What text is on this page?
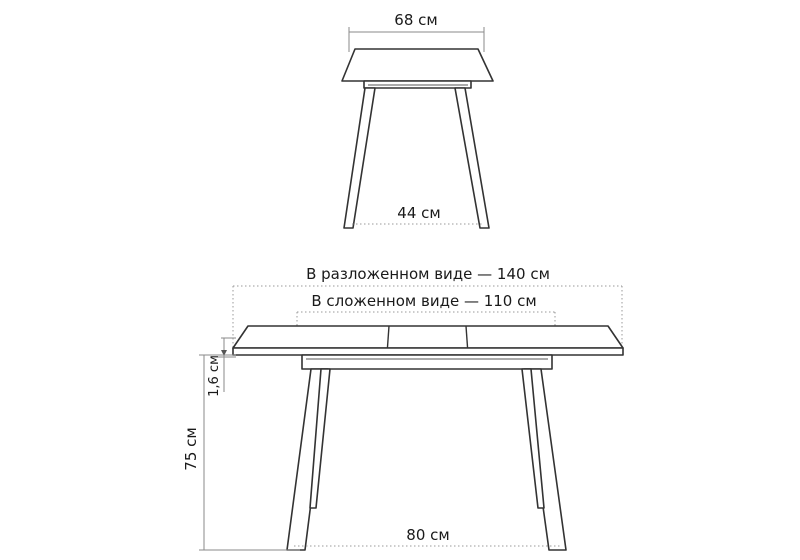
68 см
44 см
В разложенном виде — 140 см
В сложенном виде — 110 см
80 см
1,6 см
75 см
